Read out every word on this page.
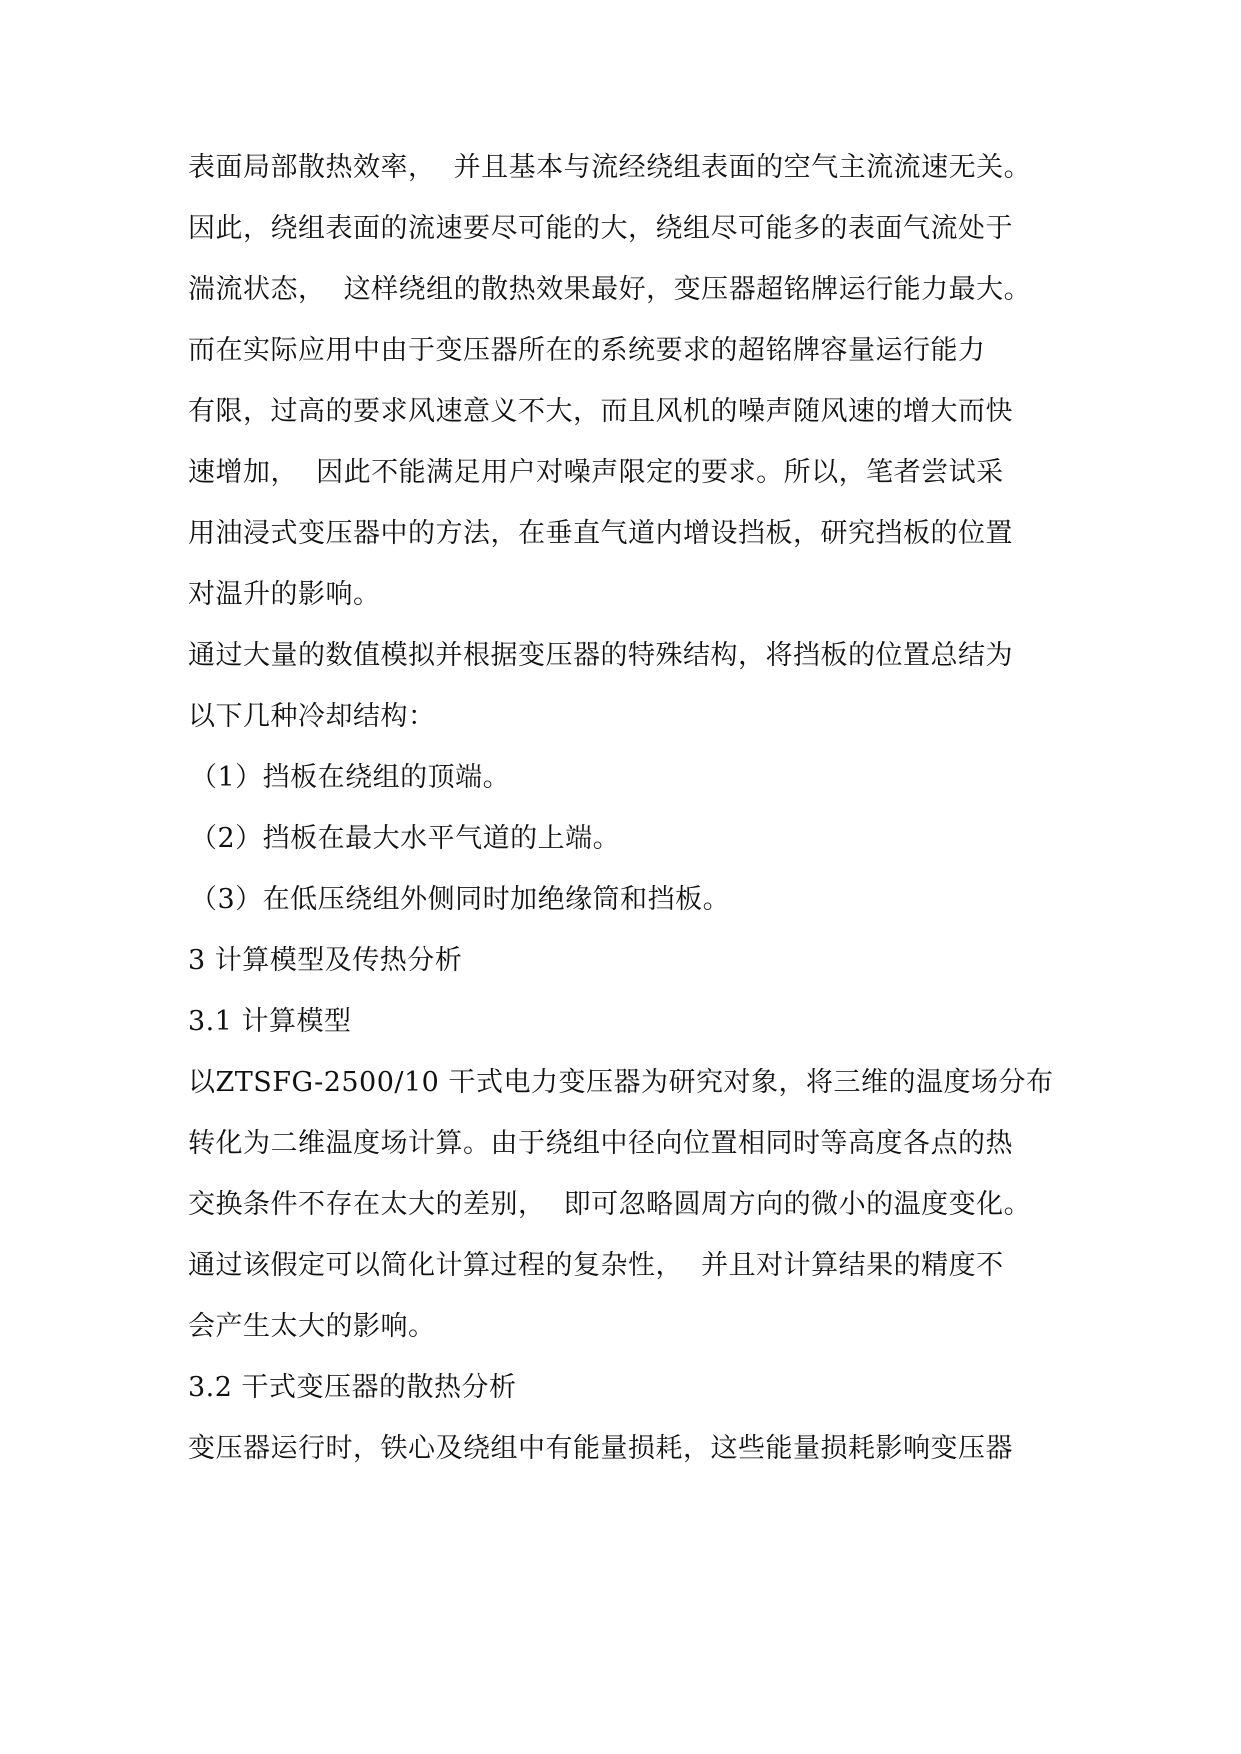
表面局部散热效率，  并且基本与流经绕组表面的空气主流流速无关。
因此，绕组表面的流速要尽可能的大，绕组尽可能多的表面气流处于
湍流状态，  这样绕组的散热效果最好，变压器超铭牌运行能力最大。
而在实际应用中由于变压器所在的系统要求的超铭牌容量运行能力
有限，过高的要求风速意义不大，而且风机的噪声随风速的增大而快
速增加，  因此不能满足用户对噪声限定的要求。所以，笔者尝试采
用油浸式变压器中的方法，在垂直气道内增设挡板，研究挡板的位置
对温升的影响。
通过大量的数值模拟并根据变压器的特殊结构，将挡板的位置总结为
以下几种冷却结构：
（1）挡板在绕组的顶端。
（2）挡板在最大水平气道的上端。
（3）在低压绕组外侧同时加绝缘筒和挡板。
3 计算模型及传热分析
3.1 计算模型
以ZTSFG-2500/10 干式电力变压器为研究对象，将三维的温度场分布
转化为二维温度场计算。由于绕组中径向位置相同时等高度各点的热
交换条件不存在太大的差别，  即可忽略圆周方向的微小的温度变化。
通过该假定可以简化计算过程的复杂性，  并且对计算结果的精度不
会产生太大的影响。
3.2 干式变压器的散热分析
变压器运行时，铁心及绕组中有能量损耗，这些能量损耗影响变压器
